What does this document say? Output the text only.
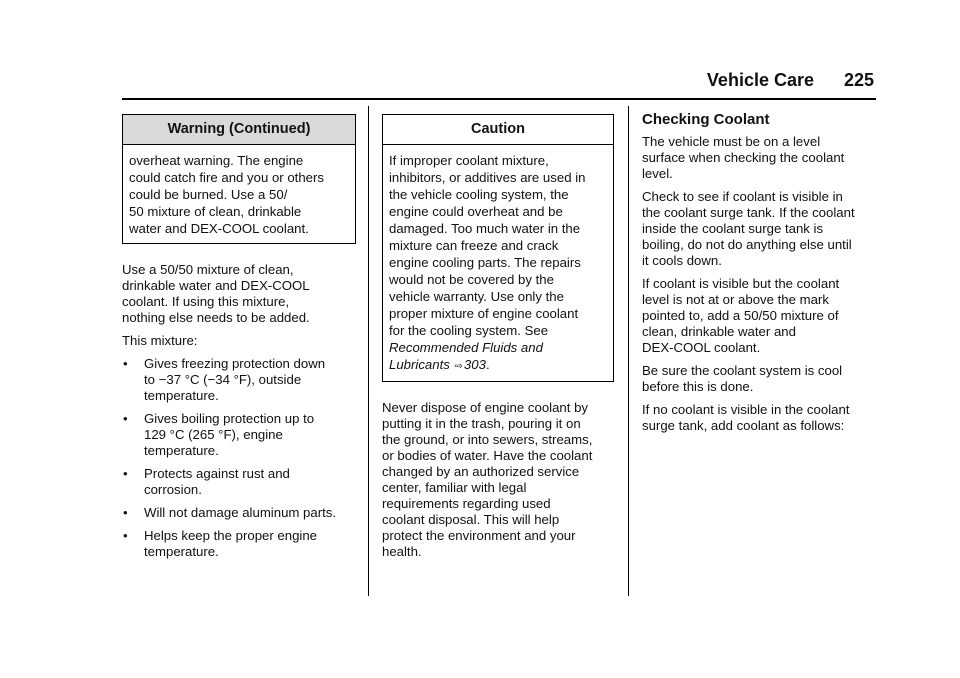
Vehicle Care 225
Warning (Continued)
overheat warning. The engine
could catch fire and you or others
could be burned. Use a 50/
50 mixture of clean, drinkable
water and DEX-COOL coolant.

Use a 50/50 mixture of clean,
drinkable water and DEX-COOL
coolant. If using this mixture,
nothing else needs to be added.

This mixture:

• Gives freezing protection down
to −37 °C (−34 °F), outside
temperature.
• Gives boiling protection up to
129 °C (265 °F), engine
temperature.
• Protects against rust and
corrosion.
• Will not damage aluminum parts.
• Helps keep the proper engine
temperature.
Caution
If improper coolant mixture,
inhibitors, or additives are used in
the vehicle cooling system, the
engine could overheat and be
damaged. Too much water in the
mixture can freeze and crack
engine cooling parts. The repairs
would not be covered by the
vehicle warranty. Use only the
proper mixture of engine coolant
for the cooling system. See
Recommended Fluids and
Lubricants ⇨303.

Never dispose of engine coolant by
putting it in the trash, pouring it on
the ground, or into sewers, streams,
or bodies of water. Have the coolant
changed by an authorized service
center, familiar with legal
requirements regarding used
coolant disposal. This will help
protect the environment and your
health.

Checking Coolant

The vehicle must be on a level
surface when checking the coolant
level.

Check to see if coolant is visible in
the coolant surge tank. If the coolant
inside the coolant surge tank is
boiling, do not do anything else until
it cools down.

If coolant is visible but the coolant
level is not at or above the mark
pointed to, add a 50/50 mixture of
clean, drinkable water and
DEX-COOL coolant.

Be sure the coolant system is cool
before this is done.

If no coolant is visible in the coolant
surge tank, add coolant as follows:
